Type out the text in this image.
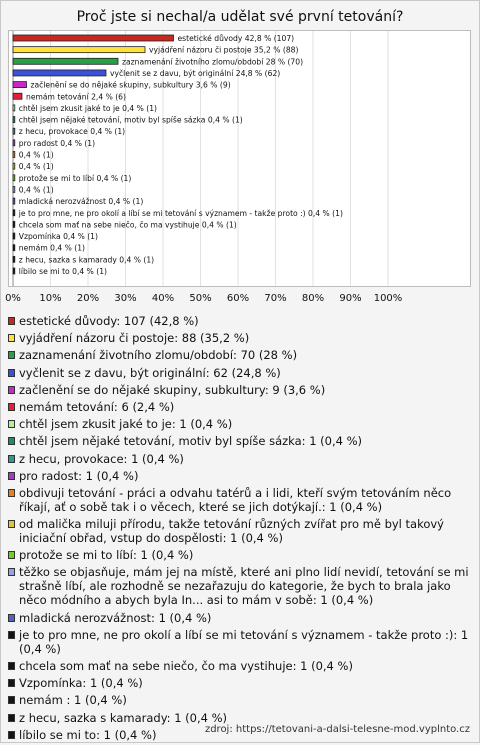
Proč jste si nechal/a udělat své první tetování?
estetické důvody 42,8 % (107)
vyjádření názoru či postoje 35,2 % (88)
zaznamenání životního zlomu/období 28 % (70)
vyčlenit se z davu, být originální 24,8 % (62)
začlenění se do nějaké skupiny, subkultury 3,6 % (9)
nemám tetování 2,4 % (6)
chtěl jsem zkusit jaké to je 0,4 % (1)
chtěl jsem nějaké tetování, motiv byl spíše sázka 0,4 % (1)
z hecu, provokace 0,4 % (1)
pro radost 0,4 % (1)
0,4 % (1)
0,4 % (1)
protože se mi to líbí 0,4 % (1)
0,4 % (1)
mladická nerozvážnost 0,4 % (1)
je to pro mne, ne pro okolí a líbí se mi tetování s významem - takže proto :) 0,4 % (1)
chcela som mať na sebe niečo, čo ma vystihuje 0,4 % (1)
Vzpomínka 0,4 % (1)
nemám 0,4 % (1)
z hecu, sazka s kamarady 0,4 % (1)
líbilo se mi to 0,4 % (1)
0% 10% 20% 30% 40% 50% 60% 70% 80% 90% 100%
estetické důvody: 107 (42,8 %)
vyjádření názoru či postoje: 88 (35,2 %)
zaznamenání životního zlomu/období: 70 (28 %)
vyčlenit se z davu, být originální: 62 (24,8 %)
začlenění se do nějaké skupiny, subkultury: 9 (3,6 %)
nemám tetování: 6 (2,4 %)
chtěl jsem zkusit jaké to je: 1 (0,4 %)
chtěl jsem nějaké tetování, motiv byl spíše sázka: 1 (0,4 %)
z hecu, provokace: 1 (0,4 %)
pro radost: 1 (0,4 %)
obdivuji tetování - práci a odvahu tatérů a i lidi, kteří svým tetováním něco říkají, ať o sobě tak i o věcech, které se jich dotýkají.: 1 (0,4 %)
od malička miluji přírodu, takže tetování různých zvířat pro mě byl takový iniciační obřad, vstup do dospělosti: 1 (0,4 %)
protože se mi to líbí: 1 (0,4 %)
těžko se objasňuje, mám jej na místě, které ani plno lidí nevidí, tetování se mi strašně líbí, ale rozhodně se nezařazuju do kategorie, že bych to brala jako něco módního a abych byla In... asi to mám v sobě: 1 (0,4 %)
mladická nerozvážnost: 1 (0,4 %)
je to pro mne, ne pro okolí a líbí se mi tetování s významem - takže proto :): 1 (0,4 %)
chcela som mať na sebe niečo, čo ma vystihuje: 1 (0,4 %)
Vzpomínka: 1 (0,4 %)
nemám : 1 (0,4 %)
z hecu, sazka s kamarady: 1 (0,4 %)
líbilo se mi to: 1 (0,4 %)	zdroj: https://tetovani-a-dalsi-telesne-mod.vyplnto.cz
